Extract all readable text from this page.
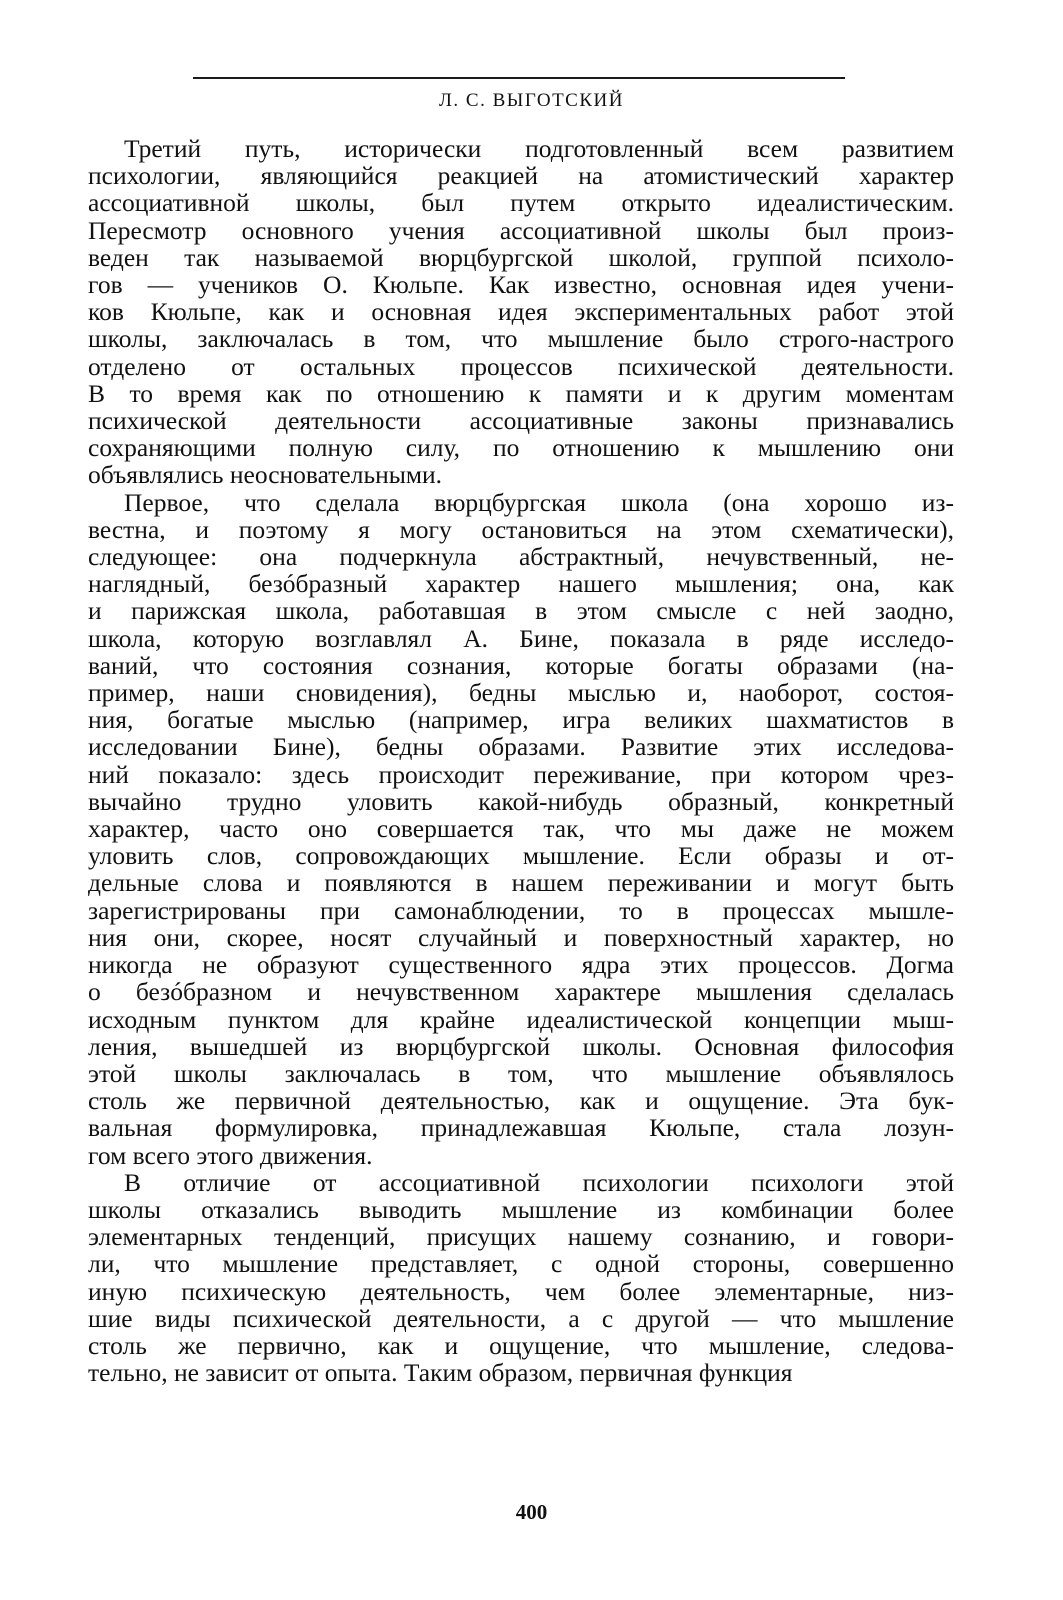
Л. С. ВЫГОТСКИЙ
Третий путь, исторически подготовленный всем развитием
психологии, являющийся реакцией на атомистический характер
ассоциативной школы, был путем открыто идеалистическим.
Пересмотр основного учения ассоциативной школы был произ-
веден так называемой вюрцбургской школой, группой психоло-
гов — учеников О. Кюльпе. Как известно, основная идея учени-
ков Кюльпе, как и основная идея экспериментальных работ этой
школы, заключалась в том, что мышление было строго-настрого
отделено от остальных процессов психической деятельности.
В то время как по отношению к памяти и к другим моментам
психической деятельности ассоциативные законы признавались
сохраняющими полную силу, по отношению к мышлению они
объявлялись неосновательными.
Первое, что сделала вюрцбургская школа (она хорошо из-
вестна, и поэтому я могу остановиться на этом схематически),
следующее: она подчеркнула абстрактный, нечувственный, не-
наглядный, безóбразный характер нашего мышления; она, как
и парижская школа, работавшая в этом смысле с ней заодно,
школа, которую возглавлял А. Бине, показала в ряде исследо-
ваний, что состояния сознания, которые богаты образами (на-
пример, наши сновидения), бедны мыслью и, наоборот, состоя-
ния, богатые мыслью (например, игра великих шахматистов в
исследовании Бине), бедны образами. Развитие этих исследова-
ний показало: здесь происходит переживание, при котором чрез-
вычайно трудно уловить какой-нибудь образный, конкретный
характер, часто оно совершается так, что мы даже не можем
уловить слов, сопровождающих мышление. Если образы и от-
дельные слова и появляются в нашем переживании и могут быть
зарегистрированы при самонаблюдении, то в процессах мышле-
ния они, скорее, носят случайный и поверхностный характер, но
никогда не образуют существенного ядра этих процессов. Догма
о безóбразном и нечувственном характере мышления сделалась
исходным пунктом для крайне идеалистической концепции мыш-
ления, вышедшей из вюрцбургской школы. Основная философия
этой школы заключалась в том, что мышление объявлялось
столь же первичной деятельностью, как и ощущение. Эта бук-
вальная формулировка, принадлежавшая Кюльпе, стала лозун-
гом всего этого движения.
В отличие от ассоциативной психологии психологи этой
школы отказались выводить мышление из комбинации более
элементарных тенденций, присущих нашему сознанию, и говори-
ли, что мышление представляет, с одной стороны, совершенно
иную психическую деятельность, чем более элементарные, низ-
шие виды психической деятельности, а с другой — что мышление
столь же первично, как и ощущение, что мышление, следова-
тельно, не зависит от опыта. Таким образом, первичная функция
400
